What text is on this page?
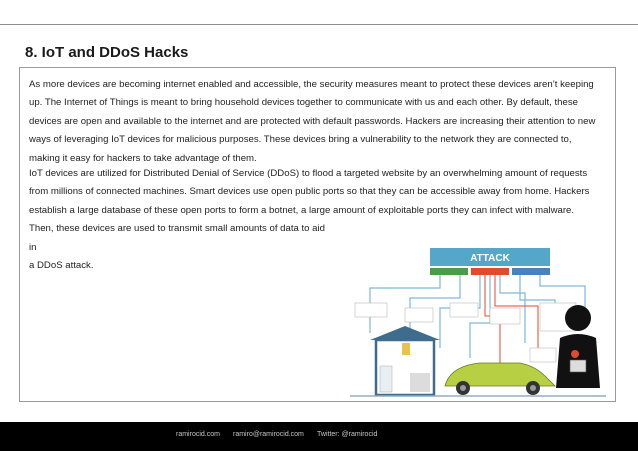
8. IoT and DDoS Hacks

As more devices are becoming internet enabled and accessible, the security measures meant to protect these devices aren’t keeping up. The Internet of Things is meant to bring household devices together to communicate with us and each other. By default, these devices are open and available to the internet and are protected with default passwords. Hackers are increasing their attention to new ways of leveraging IoT devices for malicious purposes. These devices bring a vulnerability to the network they are connected to, making it easy for hackers to take advantage of them.

IoT devices are utilized for Distributed Denial of Service (DDoS) to flood a targeted website by an overwhelming amount of requests from millions of connected machines. Smart devices use open public ports so that they can be accessible away from home. Hackers establish a large database of these open ports to form a botnet, a large amount of exploitable ports they can infect with malware.
Then, these devices are used to transmit small amounts of data to aid in
a DDoS attack.

ATTACK
ramirocid.com ramiro@ramirocid.com Twitter: @ramirocid
